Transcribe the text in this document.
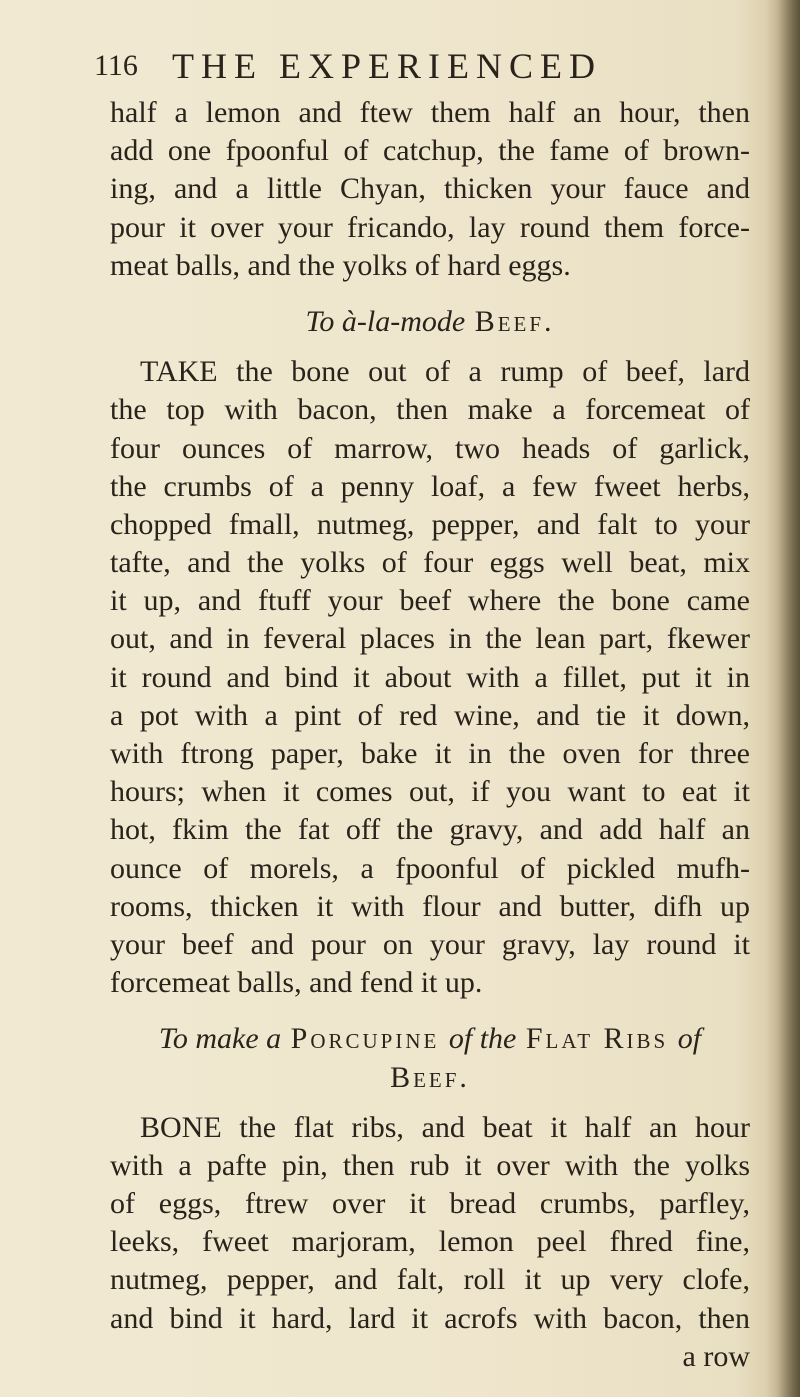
116 THE EXPERIENCED
half a lemon and ftew them half an hour, then
add one fpoonful of catchup, the fame of brown-
ing, and a little Chyan, thicken your fauce and
pour it over your fricando, lay round them force-
meat balls, and the yolks of hard eggs.
To à-la-mode Beef.
TAKE the bone out of a rump of beef, lard
the top with bacon, then make a forcemeat of
four ounces of marrow, two heads of garlick,
the crumbs of a penny loaf, a few fweet herbs,
chopped fmall, nutmeg, pepper, and falt to your
tafte, and the yolks of four eggs well beat, mix
it up, and ftuff your beef where the bone came
out, and in feveral places in the lean part, fkewer
it round and bind it about with a fillet, put it in
a pot with a pint of red wine, and tie it down,
with ftrong paper, bake it in the oven for three
hours; when it comes out, if you want to eat it
hot, fkim the fat off the gravy, and add half an
ounce of morels, a fpoonful of pickled mufh-
rooms, thicken it with flour and butter, difh up
your beef and pour on your gravy, lay round it
forcemeat balls, and fend it up.
To make a Porcupine of the Flat Ribs of
Beef.
BONE the flat ribs, and beat it half an hour
with a pafte pin, then rub it over with the yolks
of eggs, ftrew over it bread crumbs, parfley,
leeks, fweet marjoram, lemon peel fhred fine,
nutmeg, pepper, and falt, roll it up very clofe,
and bind it hard, lard it acrofs with bacon, then
a row
